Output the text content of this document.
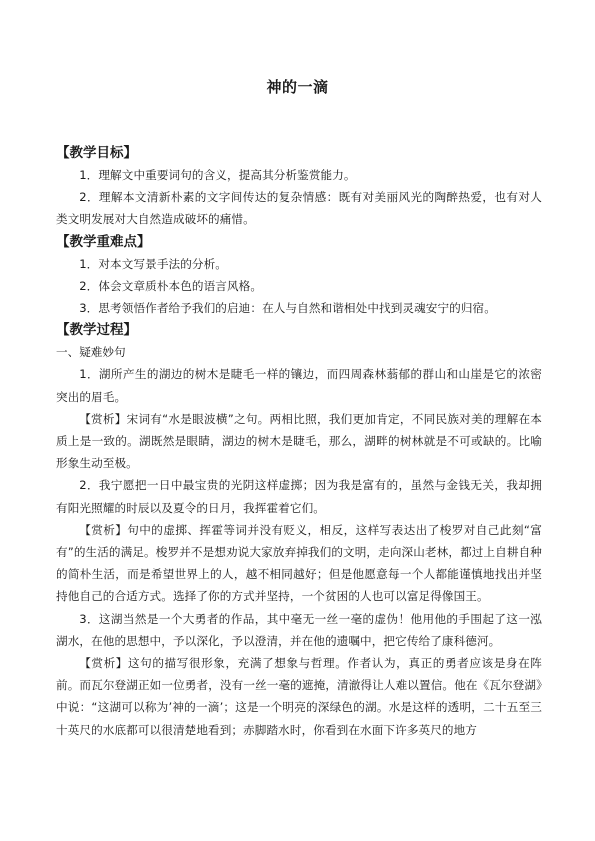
神的一滴
【教学目标】

1．理解文中重要词句的含义，提高其分析鉴赏能力。

2．理解本文清新朴素的文字间传达的复杂情感：既有对美丽风光的陶醉热爱，也有对人类文明发展对大自然造成破坏的痛惜。

【教学重难点】

1．对本文写景手法的分析。

2．体会文章质朴本色的语言风格。

3．思考领悟作者给予我们的启迪：在人与自然和谐相处中找到灵魂安宁的归宿。

【教学过程】
一、疑难妙句

1．湖所产生的湖边的树木是睫毛一样的镶边，而四周森林蓊郁的群山和山崖是它的浓密突出的眉毛。

【赏析】宋词有“水是眼波横”之句。两相比照，我们更加肯定，不同民族对美的理解在本质上是一致的。湖既然是眼睛，湖边的树木是睫毛，那么，湖畔的树林就是不可或缺的。比喻形象生动至极。

2．我宁愿把一日中最宝贵的光阴这样虚掷；因为我是富有的，虽然与金钱无关，我却拥有阳光照耀的时辰以及夏令的日月，我挥霍着它们。

【赏析】句中的虚掷、挥霍等词并没有贬义，相反，这样写表达出了梭罗对自己此刻“富有”的生活的满足。梭罗并不是想劝说大家放弃掉我们的文明，走向深山老林，都过上自耕自种的简朴生活，而是希望世界上的人，越不相同越好；但是他愿意每一个人都能谨慎地找出并坚持他自己的合适方式。选择了你的方式并坚持，一个贫困的人也可以富足得像国王。

3．这湖当然是一个大勇者的作品，其中毫无一丝一毫的虚伪！他用他的手围起了这一泓湖水，在他的思想中，予以深化，予以澄清，并在他的遗嘱中，把它传给了康科德河。

【赏析】这句的描写很形象，充满了想象与哲理。作者认为，真正的勇者应该是身在阵前。而瓦尔登湖正如一位勇者，没有一丝一毫的遮掩，清澈得让人难以置信。他在《瓦尔登湖》中说：“这湖可以称为’神的一滴’；这是一个明亮的深绿色的湖。水是这样的透明，二十五至三十英尺的水底都可以很清楚地看到；赤脚踏水时，你看到在水面下许多英尺的地方
